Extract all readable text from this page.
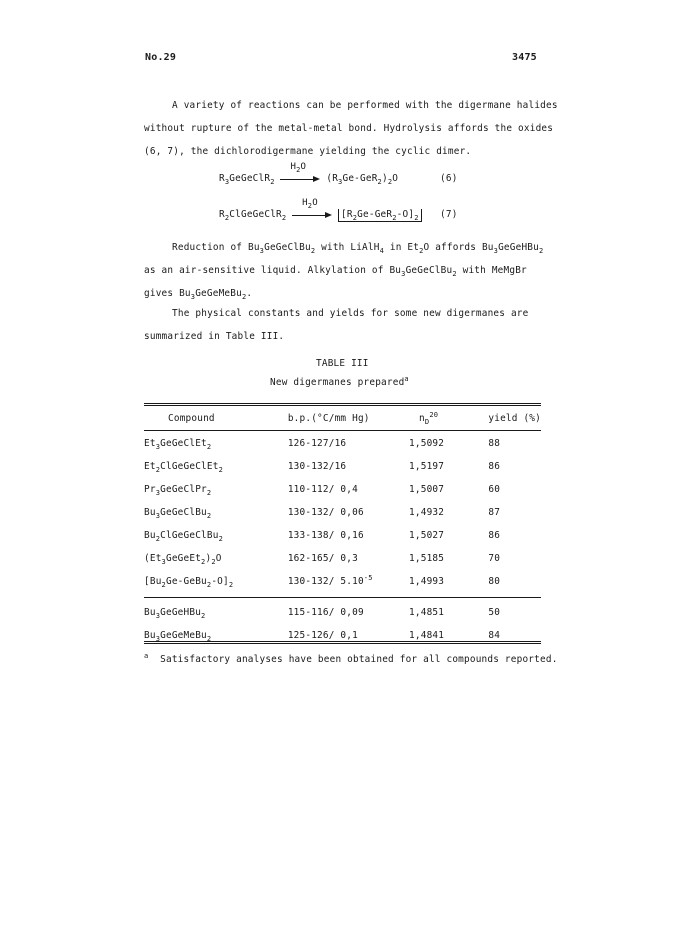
No.29	3475

A variety of reactions can be performed with the digermane halides

without rupture of the metal-metal bond. Hydrolysis affords the oxides

(6, 7), the dichlorodigermane yielding the cyclic dimer.

$R_3GeGeClR_2$
$H_2O$
$(R_3Ge-GeR_2)_2O$	(6)
$R_2ClGeGeClR_2$
$H_2O$
$[R_2Ge-GeR_2-O]_2$	(7)

Reduction of $Bu_3GeGeClBu_2$ with LiAlH$_4$ in $Et_2O$ affords $Bu_3GeGeHBu_2$

as an air-sensitive liquid. Alkylation of $Bu_3GeGeClBu_2$ with MeMgBr

gives $Bu_3GeGeMeBu_2$.

The physical constants and yields for some new digermanes are

summarized in Table III.

TABLE III
New digermanes prepared$^a$
Compound	b.p.(°C/mm Hg)	$n_D^{20}$	yield (%)
$Et_3GeGeClEt_2$	126-127/16	1,5092	88
$Et_2ClGeGeClEt_2$	130-132/16	1,5197	86
$Pr_3GeGeClPr_2$	110-112/ 0,4	1,5007	60
$Bu_3GeGeClBu_2$	130-132/ 0,06	1,4932	87
$Bu_2ClGeGeClBu_2$	133-138/ 0,16	1,5027	86
$(Et_3GeGeEt_2)_2O$	162-165/ 0,3	1,5185	70
$[Bu_2Ge-GeBu_2-O]_2$	130-132/ $5.10^{-5}$	1,4993	80

$Bu_3GeGeHBu_2$	115-116/ 0,09	1,4851	50
$Bu_3GeGeMeBu_2$	125-126/ 0,1	1,4841	84
$^a$ Satisfactory analyses have been obtained for all compounds reported.
